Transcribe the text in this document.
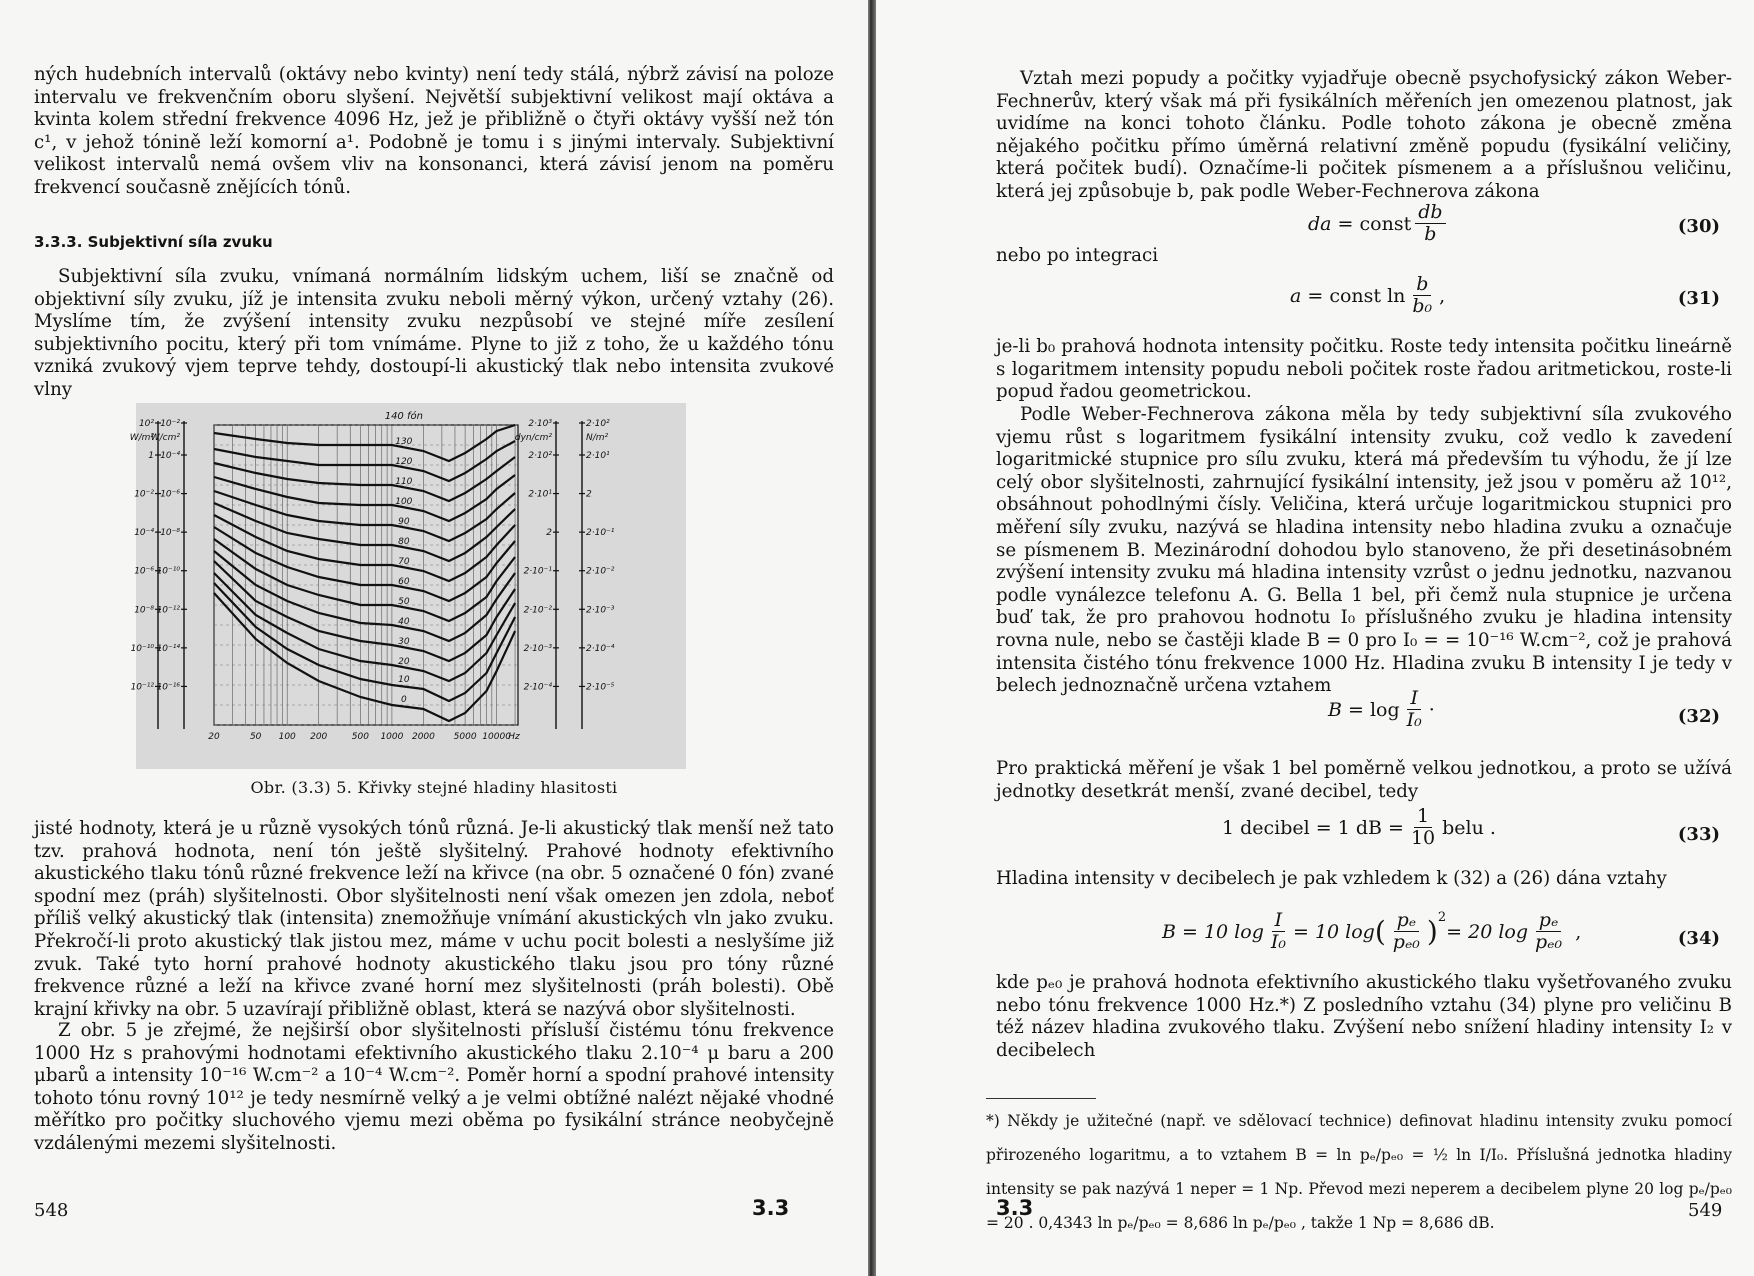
ných hudebních intervalů (oktávy nebo kvinty) není tedy stálá, nýbrž závisí na poloze intervalu ve frekvenčním oboru slyšení. Největší subjektivní velikost mají oktáva a kvinta kolem střední frekvence 4096 Hz, jež je přibližně o čtyři oktávy vyšší než tón c¹, v jehož tónině leží komorní a¹. Podobně je tomu i s jinými intervaly. Subjektivní velikost intervalů nemá ovšem vliv na konsonanci, která závisí jenom na poměru frekvencí současně znějících tónů.

3.3.3. Subjektivní síla zvuku

Subjektivní síla zvuku, vnímaná normálním lidským uchem, liší se značně od objektivní síly zvuku, jíž je intensita zvuku neboli měrný výkon, určený vztahy (26). Myslíme tím, že zvýšení intensity zvuku nezpůsobí ve stejné míře zesílení subjektivního pocitu, který při tom vnímáme. Plyne to již z toho, že u každého tónu vzniká zvukový vjem teprve tehdy, dostoupí-li akustický tlak nebo intensita zvukové vlny

130
120
110
100
90
80
70
60
50
40
30
20
10
0
140 fón
20	50 100 200	500 1000 2000 5000 10000
Hz
10²
W/m²
1
10⁻²
10⁻⁴
10⁻⁶
10⁻⁸
10⁻¹⁰
10⁻¹²
10⁻²
W/cm²
10⁻⁴
10⁻⁶
10⁻⁸
10⁻¹⁰
10⁻¹²
10⁻¹⁴
10⁻¹⁶
2·10³
dyn/cm²
2·10²
2·10¹
2
2·10⁻¹
2·10⁻²
2·10⁻³
2·10⁻⁴
2·10²
N/m²
2·10¹
2
2·10⁻¹
2·10⁻²
2·10⁻³
2·10⁻⁴
2·10⁻⁵
Obr. (3.3) 5. Křivky stejné hladiny hlasitosti

jisté hodnoty, která je u různě vysokých tónů různá. Je-li akustický tlak menší než tato tzv. prahová hodnota, není tón ještě slyšitelný. Prahové hodnoty efektivního akustického tlaku tónů různé frekvence leží na křivce (na obr. 5 označené 0 fón) zvané spodní mez (práh) slyšitelnosti. Obor slyšitelnosti není však omezen jen zdola, neboť příliš velký akustický tlak (intensita) znemožňuje vnímání akustických vln jako zvuku. Překročí-li proto akustický tlak jistou mez, máme v uchu pocit bolesti a neslyšíme již zvuk. Také tyto horní prahové hodnoty akustického tlaku jsou pro tóny různé frekvence různé a leží na křivce zvané horní mez slyšitelnosti (práh bolesti). Obě krajní křivky na obr. 5 uzavírají přibližně oblast, která se nazývá obor slyšitelnosti.

Z obr. 5 je zřejmé, že nejširší obor slyšitelnosti přísluší čistému tónu frekvence 1000 Hz s prahovými hodnotami efektivního akustického tlaku 2.10⁻⁴ μ baru a 200 μbarů a intensity 10⁻¹⁶ W.cm⁻² a 10⁻⁴ W.cm⁻². Poměr horní a spodní prahové intensity tohoto tónu rovný 10¹² je tedy nesmírně velký a je velmi obtížné nalézt nějaké vhodné měřítko pro počitky sluchového vjemu mezi oběma po fysikální stránce neobyčejně vzdálenými mezemi slyšitelnosti.

548	3.3

Vztah mezi popudy a počitky vyjadřuje obecně psychofysický zákon Weber-Fechnerův, který však má při fysikálních měřeních jen omezenou platnost, jak uvidíme na konci tohoto článku. Podle tohoto zákona je obecně změna nějakého počitku přímo úměrná relativní změně popudu (fysikální veličiny, která počitek budí). Označíme-li počitek písmenem a a příslušnou veličinu, která jej způsobuje b, pak podle Weber-Fechnerova zákona

da
= const $\frac{db}{b}$	(30)
nebo po integraci
a
= const $\ln \frac{b}{\text{b₀}}$ ,	(31)

je-li b₀ prahová hodnota intensity počitku. Roste tedy intensita počitku lineárně s logaritmem intensity popudu neboli počitek roste řadou aritmetickou, roste-li popud řadou geometrickou.

Podle Weber-Fechnerova zákona měla by tedy subjektivní síla zvukového vjemu růst s logaritmem fysikální intensity zvuku, což vedlo k zavedení logaritmické stupnice pro sílu zvuku, která má především tu výhodu, že jí lze celý obor slyšitelnosti, zahrnující fysikální intensity, jež jsou v poměru až 10¹², obsáhnout pohodlnými čísly. Veličina, která určuje logaritmickou stupnici pro měření síly zvuku, nazývá se hladina intensity nebo hladina zvuku a označuje se písmenem B. Mezinárodní dohodou bylo stanoveno, že při desetinásobném zvýšení intensity zvuku má hladina intensity vzrůst o jednu jednotku, nazvanou podle vynálezce telefonu A. G. Bella 1 bel, při čemž nula stupnice je určena buď tak, že pro prahovou hodnotu I₀ příslušného zvuku je hladina intensity rovna nule, nebo se častěji klade B = 0 pro I₀ = = 10⁻¹⁶ W.cm⁻², což je prahová intensita čistého tónu frekvence 1000 Hz. Hladina zvuku B intensity I je tedy v belech jednoznačně určena vztahem

B
= $\log \frac{I}{\text{I₀}}$ ·	(32)

Pro praktická měření je však 1 bel poměrně velkou jednotkou, a proto se užívá jednotky desetkrát menší, zvané decibel, tedy

1 decibel = 1 dB = $\frac{1}{10}$ belu .	(33)

Hladina intensity v decibelech je pak vzhledem k (32) a (26) dána vztahy

B = 10 $\log \frac{I}{\text{I₀}} = 10$ log ( $\frac{\text{pₑ}}{\text{pₑ₀}} )^2$
= 20 $\log \frac{\text{pₑ}}{\text{pₑ₀}}$
,	(34)

kde pₑ₀ je prahová hodnota efektivního akustického tlaku vyšetřovaného zvuku nebo tónu frekvence 1000 Hz.*) Z posledního vztahu (34) plyne pro veličinu B též název hladina zvukového tlaku. Zvýšení nebo snížení hladiny intensity I₂ v decibelech

*) Někdy je užitečné (např. ve sdělovací technice) definovat hladinu intensity zvuku pomocí přirozeného logaritmu, a to vztahem B = ln pₑ/pₑ₀ = ½ ln I/I₀. Příslušná jednotka hladiny intensity se pak nazývá 1 neper = 1 Np. Převod mezi neperem a decibelem plyne 20 log pₑ/pₑ₀ = 20 . 0,4343 ln pₑ/pₑ₀ = 8,686 ln pₑ/pₑ₀ , takže 1 Np = 8,686 dB.
3.3	549
